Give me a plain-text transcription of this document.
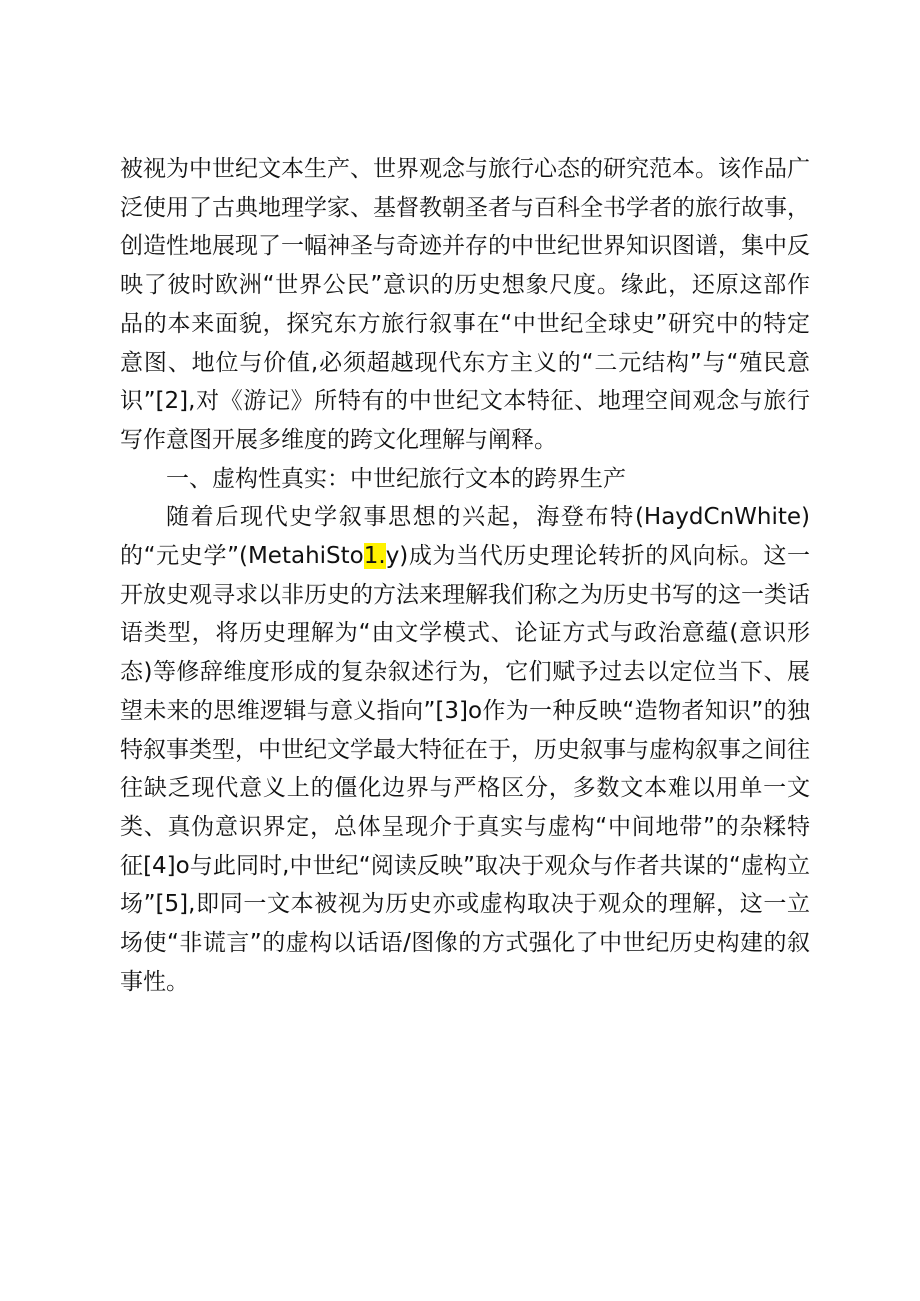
被视为中世纪文本生产、世界观念与旅行心态的研究范本。该作品广泛使用了古典地理学家、基督教朝圣者与百科全书学者的旅行故事，创造性地展现了一幅神圣与奇迹并存的中世纪世界知识图谱，集中反映了彼时欧洲“世界公民”意识的历史想象尺度。缘此，还原这部作品的本来面貌，探究东方旅行叙事在“中世纪全球史”研究中的特定意图、地位与价值,必须超越现代东方主义的“二元结构”与“殖民意识”[2],对《游记》所特有的中世纪文本特征、地理空间观念与旅行写作意图开展多维度的跨文化理解与阐释。

一、虚构性真实：中世纪旅行文本的跨界生产

随着后现代史学叙事思想的兴起，海登布特(HaydCnWhite)的“元史学”(MetahiSto1.y)成为当代历史理论转折的风向标。这一开放史观寻求以非历史的方法来理解我们称之为历史书写的这一类话语类型，将历史理解为“由文学模式、论证方式与政治意蕴(意识形态)等修辞维度形成的复杂叙述行为，它们赋予过去以定位当下、展望未来的思维逻辑与意义指向”[3]o作为一种反映“造物者知识”的独特叙事类型，中世纪文学最大特征在于，历史叙事与虚构叙事之间往往缺乏现代意义上的僵化边界与严格区分，多数文本难以用单一文类、真伪意识界定，总体呈现介于真实与虚构“中间地带”的杂糅特征[4]o与此同时,中世纪“阅读反映”取决于观众与作者共谋的“虚构立场”[5],即同一文本被视为历史亦或虚构取决于观众的理解，这一立场使“非谎言”的虚构以话语/图像的方式强化了中世纪历史构建的叙事性。
